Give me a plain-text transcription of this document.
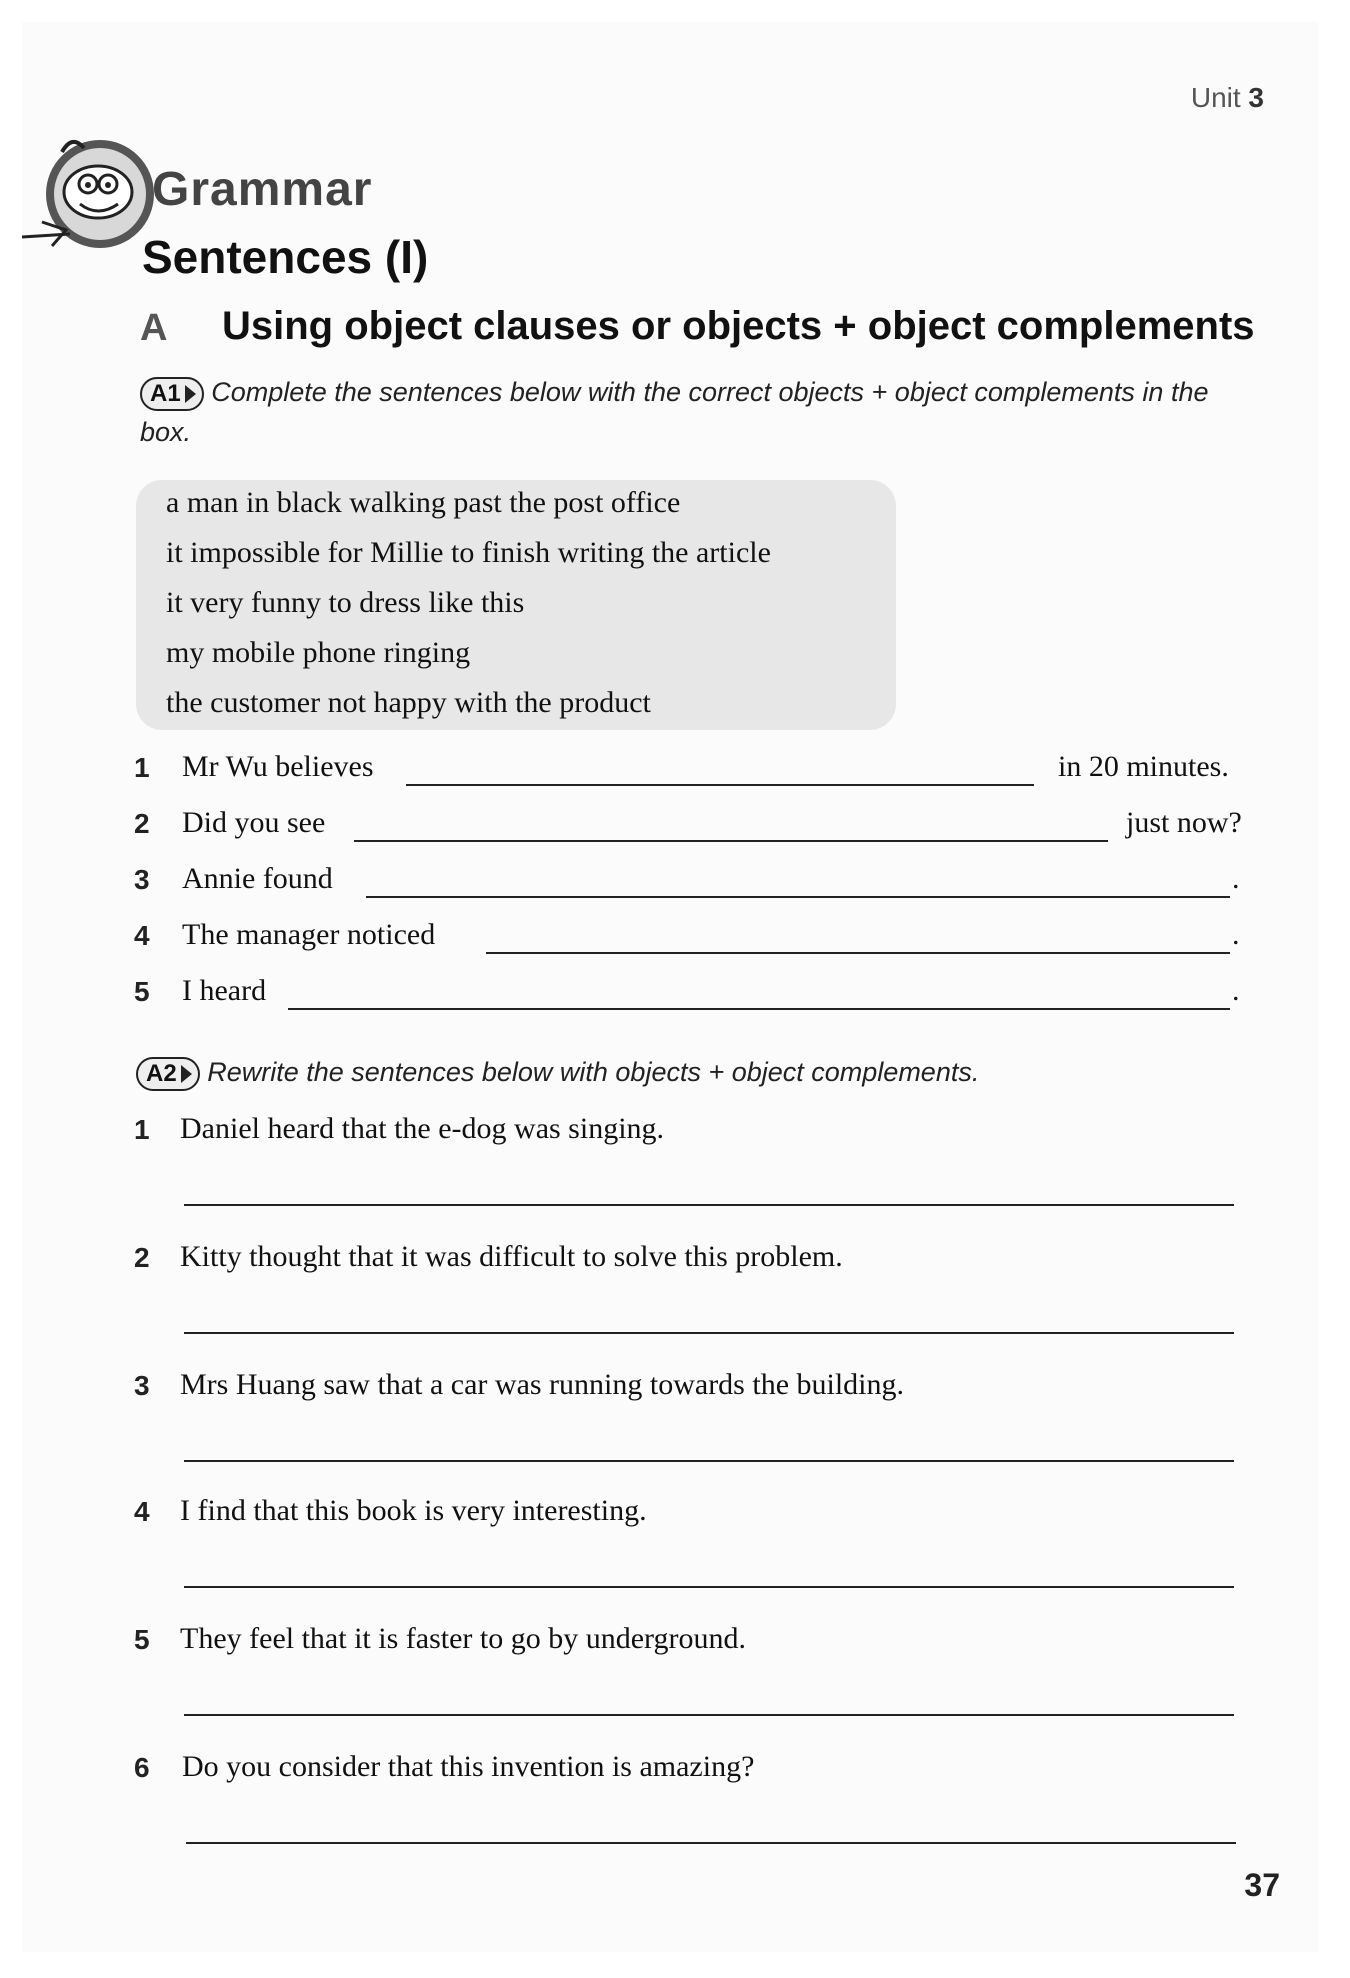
Unit 3
Grammar
Sentences (I)
A Using object clauses or objects + object complements
A1 Complete the sentences below with the correct objects + object complements in the box.
a man in black walking past the post office
it impossible for Millie to finish writing the article
it very funny to dress like this
my mobile phone ringing
the customer not happy with the product
1 Mr Wu believes	in 20 minutes.
2 Did you see	just now?
3 Annie found	.
4 The manager noticed	.
5 I heard	.
A2 Rewrite the sentences below with objects + object complements.
1 Daniel heard that the e-dog was singing.
2 Kitty thought that it was difficult to solve this problem.
3 Mrs Huang saw that a car was running towards the building.
4 I find that this book is very interesting.
5 They feel that it is faster to go by underground.
6 Do you consider that this invention is amazing?
37
